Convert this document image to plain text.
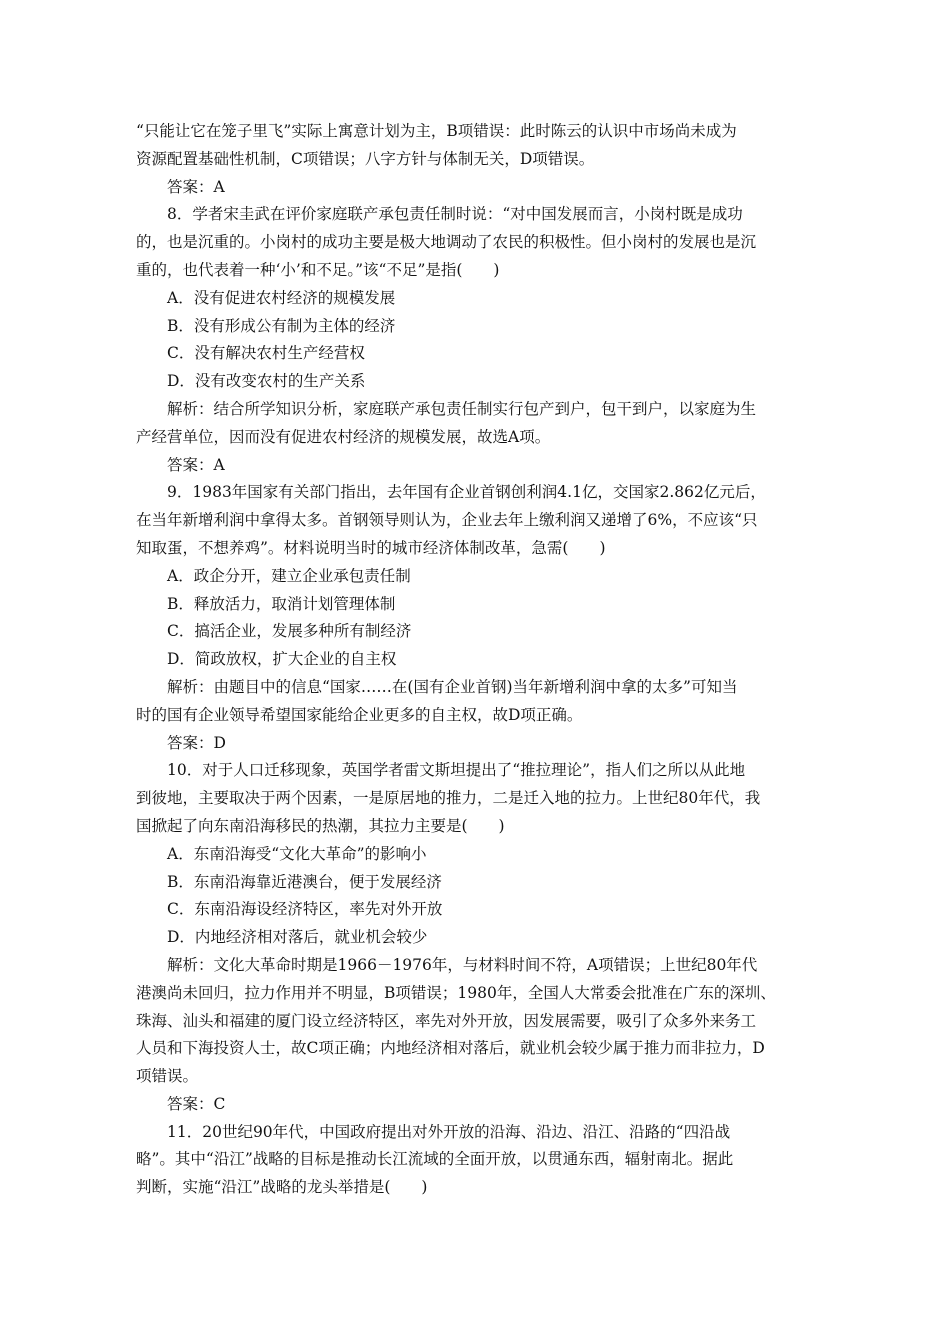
“只能让它在笼子里飞”实际上寓意计划为主，B项错误：此时陈云的认识中市场尚未成为
资源配置基础性机制，C项错误；八字方针与体制无关，D项错误。
答案：A
8．学者宋圭武在评价家庭联产承包责任制时说：“对中国发展而言，小岗村既是成功
的，也是沉重的。小岗村的成功主要是极大地调动了农民的积极性。但小岗村的发展也是沉
重的，也代表着一种‘小’和不足。”该“不足”是指(　　)
A．没有促进农村经济的规模发展
B．没有形成公有制为主体的经济
C．没有解决农村生产经营权
D．没有改变农村的生产关系
解析：结合所学知识分析，家庭联产承包责任制实行包产到户，包干到户，以家庭为生
产经营单位，因而没有促进农村经济的规模发展，故选A项。
答案：A
9．1983年国家有关部门指出，去年国有企业首钢创利润4.1亿，交国家2.862亿元后，
在当年新增利润中拿得太多。首钢领导则认为，企业去年上缴利润又递增了6%，不应该“只
知取蛋，不想养鸡”。材料说明当时的城市经济体制改革，急需(　　)
A．政企分开，建立企业承包责任制
B．释放活力，取消计划管理体制
C．搞活企业，发展多种所有制经济
D．简政放权，扩大企业的自主权
解析：由题目中的信息“国家……在(国有企业首钢)当年新增利润中拿的太多”可知当
时的国有企业领导希望国家能给企业更多的自主权，故D项正确。
答案：D
10．对于人口迁移现象，英国学者雷文斯坦提出了“推拉理论”，指人们之所以从此地
到彼地，主要取决于两个因素，一是原居地的推力，二是迁入地的拉力。上世纪80年代，我
国掀起了向东南沿海移民的热潮，其拉力主要是(　　)
A．东南沿海受“文化大革命”的影响小
B．东南沿海靠近港澳台，便于发展经济
C．东南沿海设经济特区，率先对外开放
D．内地经济相对落后，就业机会较少
解析：文化大革命时期是1966－1976年，与材料时间不符，A项错误；上世纪80年代
港澳尚未回归，拉力作用并不明显，B项错误；1980年，全国人大常委会批准在广东的深圳、
珠海、汕头和福建的厦门设立经济特区，率先对外开放，因发展需要，吸引了众多外来务工
人员和下海投资人士，故C项正确；内地经济相对落后，就业机会较少属于推力而非拉力，D
项错误。
答案：C
11．20世纪90年代，中国政府提出对外开放的沿海、沿边、沿江、沿路的“四沿战
略”。其中“沿江”战略的目标是推动长江流域的全面开放，以贯通东西，辐射南北。据此
判断，实施“沿江”战略的龙头举措是(　　)
